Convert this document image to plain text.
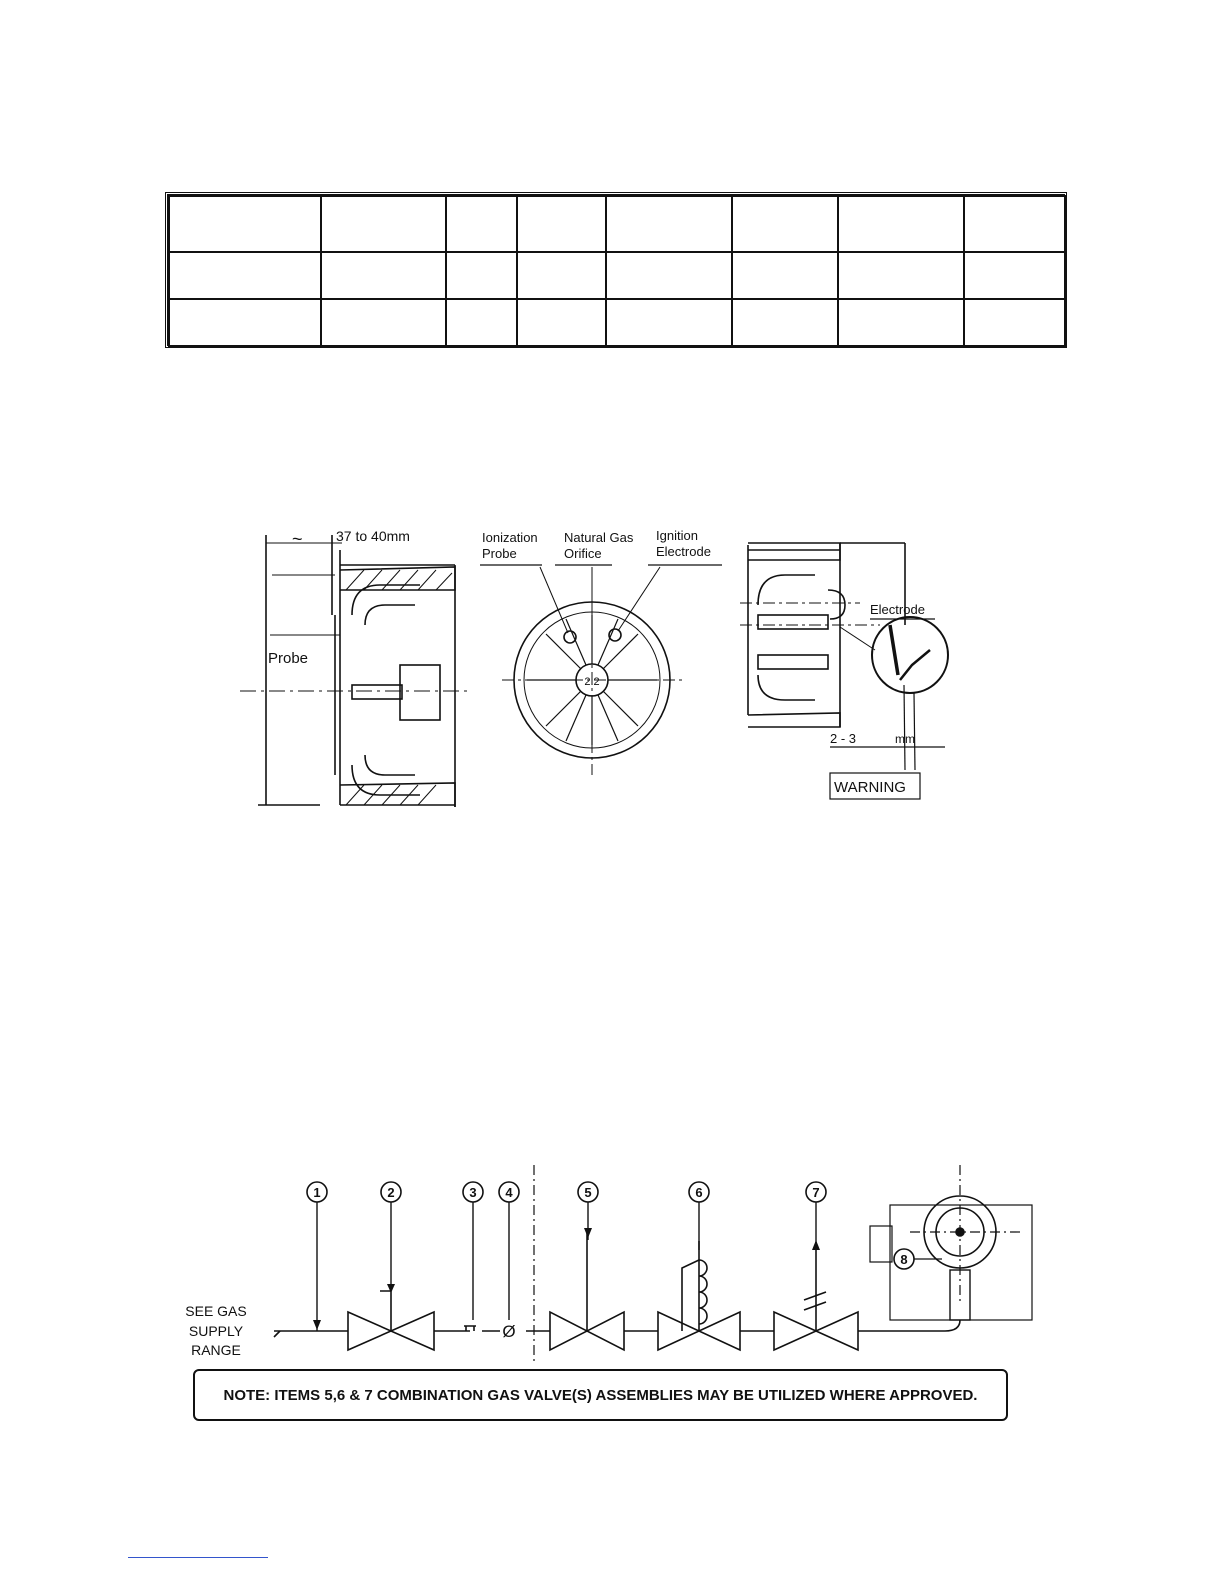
37 to 40mm
~
Probe
Ionization
Probe
Natural Gas
Orifice
Ignition
Electrode
2.2
Electrode
2 - 3	mm
WARNING
SEE GAS
SUPPLY
RANGE
1	2	3 4	5	6	7
8
Ø
NOTE: ITEMS 5,6 & 7 COMBINATION GAS VALVE(S) ASSEMBLIES MAY BE UTILIZED WHERE APPROVED.
